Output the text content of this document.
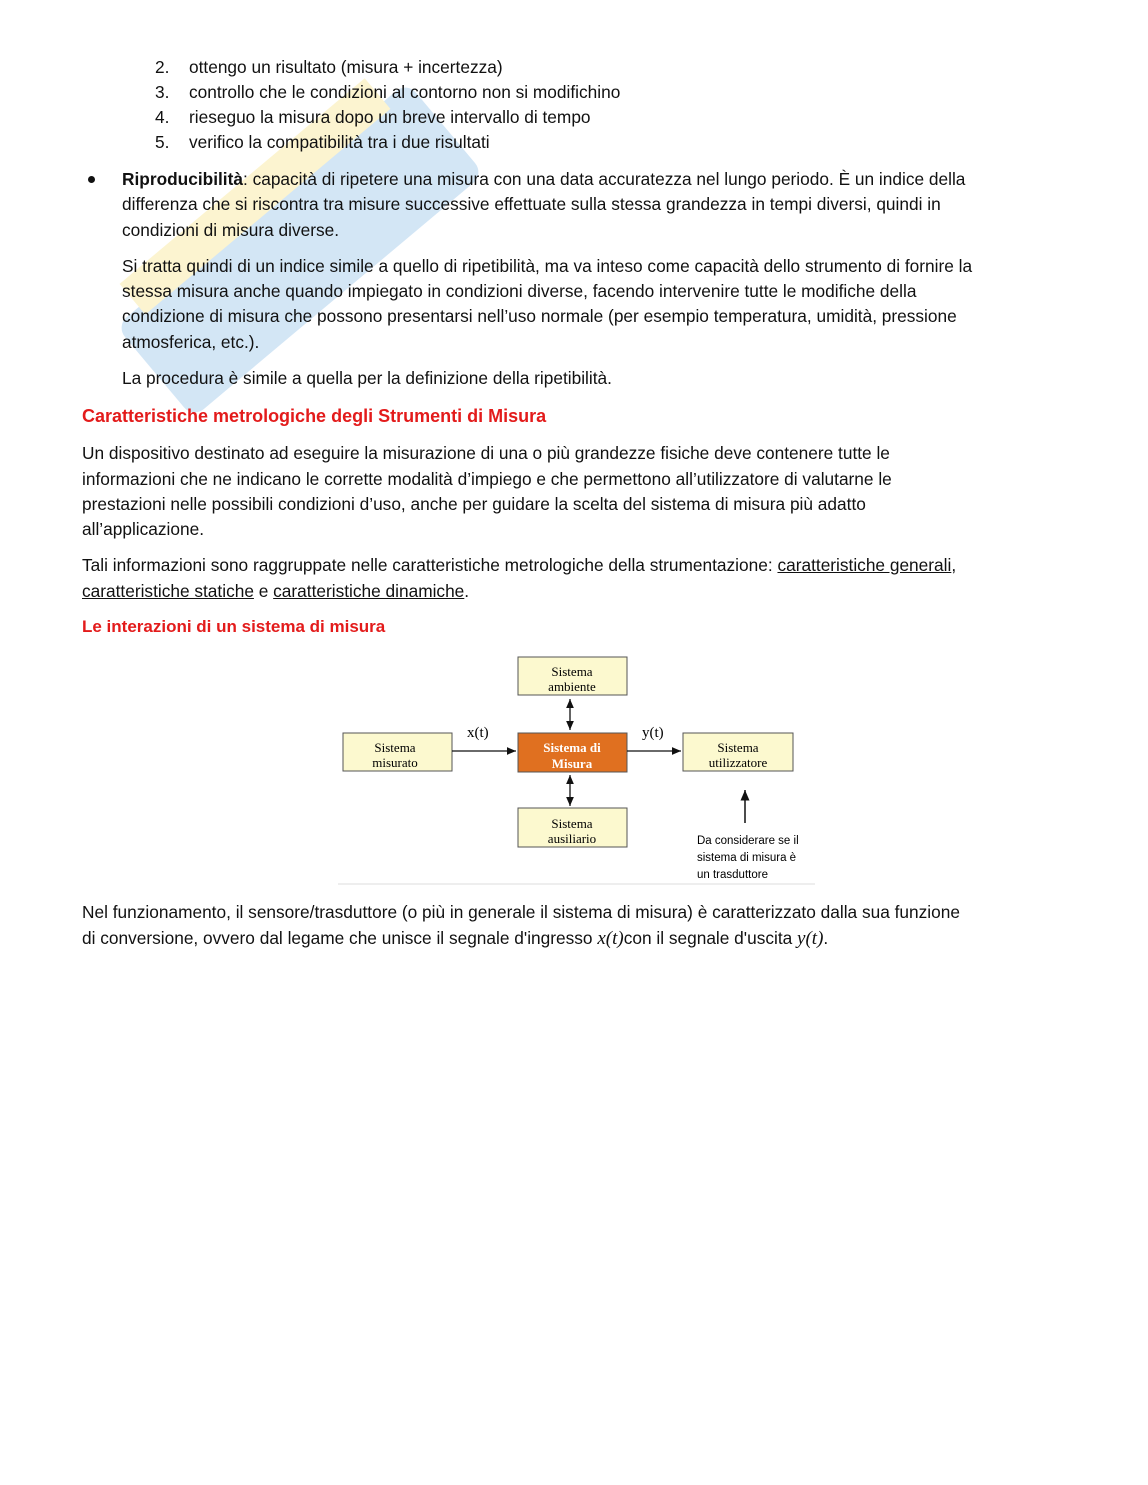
2. ottengo un risultato (misura + incertezza)
3. controllo che le condizioni al contorno non si modifichino
4. rieseguo la misura dopo un breve intervallo di tempo
5. verifico la compatibilità tra i due risultati
Riproducibilità: capacità di ripetere una misura con una data accuratezza nel lungo periodo. È un indice della
differenza che si riscontra tra misure successive effettuate sulla stessa grandezza in tempi diversi, quindi in
condizioni di misura diverse.
Si tratta quindi di un indice simile a quello di ripetibilità, ma va inteso come capacità dello strumento di fornire la
stessa misura anche quando impiegato in condizioni diverse, facendo intervenire tutte le modifiche della
condizione di misura che possono presentarsi nell’uso normale (per esempio temperatura, umidità, pressione
atmosferica, etc.).
La procedura è simile a quella per la definizione della ripetibilità.
Caratteristiche metrologiche degli Strumenti di Misura
Un dispositivo destinato ad eseguire la misurazione di una o più grandezze fisiche deve contenere tutte le
informazioni che ne indicano le corrette modalità d’impiego e che permettono all’utilizzatore di valutarne le
prestazioni nelle possibili condizioni d’uso, anche per guidare la scelta del sistema di misura più adatto
all’applicazione.
Tali informazioni sono raggruppate nelle caratteristiche metrologiche della strumentazione: caratteristiche generali,
caratteristiche statiche e caratteristiche dinamiche.
Le interazioni di un sistema di misura
Sistema
ambiente
Sistema
misurato
Sistema di
Misura
Sistema
utilizzatore
Sistema
ausiliario
x(t)	y(t)
Da considerare se il
sistema di misura è
un trasduttore
Nel funzionamento, il sensore/trasduttore (o più in generale il sistema di misura) è caratterizzato dalla sua funzione
di conversione, ovvero dal legame che unisce il segnale d'ingresso x(t)con il segnale d'uscita y(t).
